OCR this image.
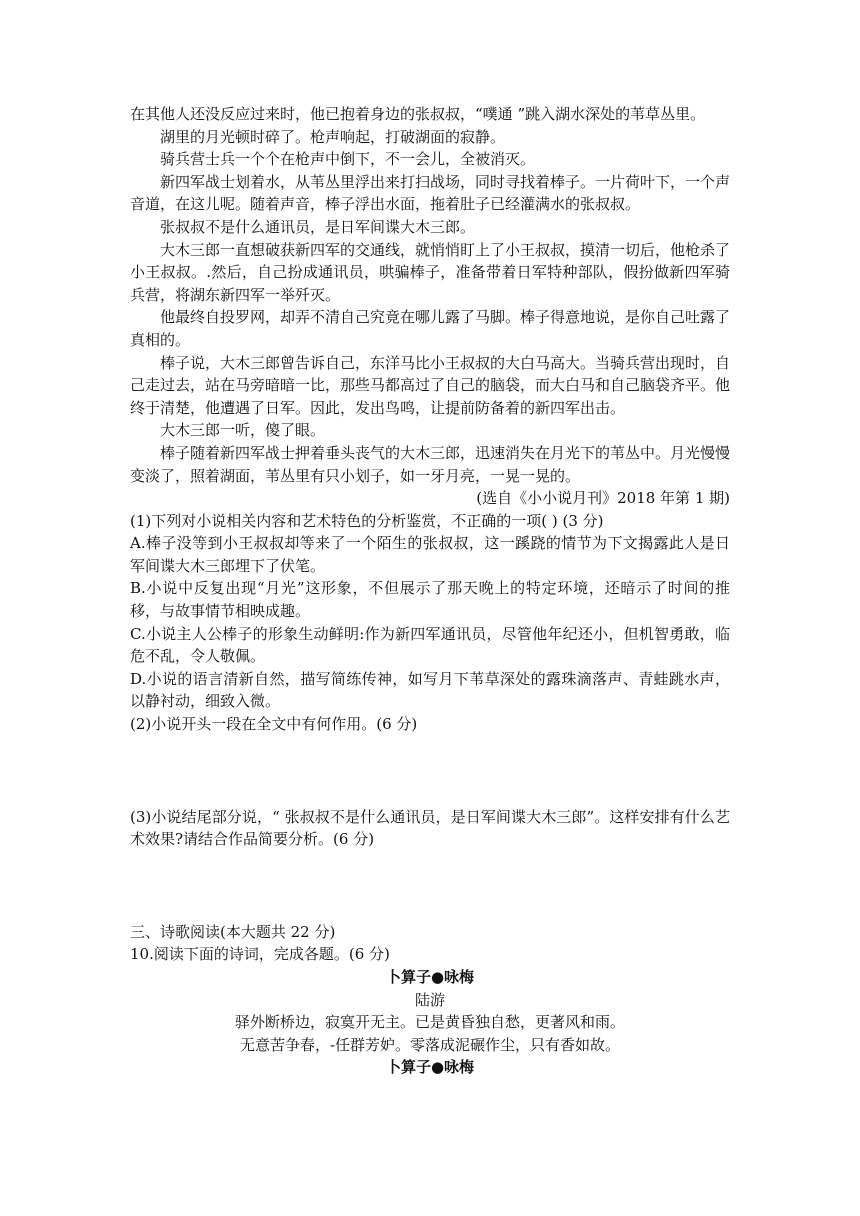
在其他人还没反应过来时，他已抱着身边的张叔叔，“噗通 ”跳入湖水深处的苇草丛里。

湖里的月光顿时碎了。枪声响起，打破湖面的寂静。

骑兵营士兵一个个在枪声中倒下，不一会儿，全被消灭。

新四军战士划着水，从苇丛里浮出来打扫战场，同时寻找着棒子。一片荷叶下，一个声音道，在这儿呢。随着声音，棒子浮出水面，拖着肚子已经灌满水的张叔叔。

张叔叔不是什么通讯员，是日军间谍大木三郎。

大木三郎一直想破获新四军的交通线，就悄悄盯上了小王叔叔，摸清一切后，他枪杀了小王叔叔。.然后，自己扮成通讯员，哄骗棒子，准备带着日军特种部队，假扮做新四军骑兵营，将湖东新四军一举歼灭。

他最终自投罗网，却弄不清自己究竟在哪儿露了马脚。棒子得意地说，是你自己吐露了真相的。

棒子说，大木三郎曾告诉自己，东洋马比小王叔叔的大白马高大。当骑兵营出现时，自己走过去，站在马旁暗暗一比，那些马都高过了自己的脑袋，而大白马和自己脑袋齐平。他终于清楚，他遭遇了日军。因此，发出鸟鸣，让提前防备着的新四军出击。

大木三郎一听，傻了眼。

棒子随着新四军战士押着垂头丧气的大木三郎，迅速消失在月光下的苇丛中。月光慢慢变淡了，照着湖面，苇丛里有只小划子，如一牙月亮，一晃一晃的。

(选自《小小说月刊》2018 年第 1 期)

(1)下列对小说相关内容和艺术特色的分析鉴赏，不正确的一项( ) (3 分)

A.棒子没等到小王叔叔却等来了一个陌生的张叔叔，这一蹊跷的情节为下文揭露此人是日军间谍大木三郎埋下了伏笔。

B.小说中反复出现“月光”这形象，不但展示了那天晚上的特定环境，还暗示了时间的推移，与故事情节相映成趣。

C.小说主人公棒子的形象生动鲜明:作为新四军通讯员，尽管他年纪还小，但机智勇敢，临危不乱，令人敬佩。

D.小说的语言清新自然，描写简练传神，如写月下苇草深处的露珠滴落声、青蛙跳水声，以静衬动，细致入微。

(2)小说开头一段在全文中有何作用。(6 分)

(3)小说结尾部分说，“ 张叔叔不是什么通讯员，是日军间谍大木三郎”。这样安排有什么艺术效果?请结合作品简要分析。(6 分)

三、诗歌阅读(本大题共 22 分)

10.阅读下面的诗词，完成各题。(6 分)

卜算子●咏梅

陆游

驿外断桥边，寂寞开无主。已是黄昏独自愁，更著风和雨。

无意苦争春，-任群芳妒。零落成泥碾作尘，只有香如故。

卜算子●咏梅
